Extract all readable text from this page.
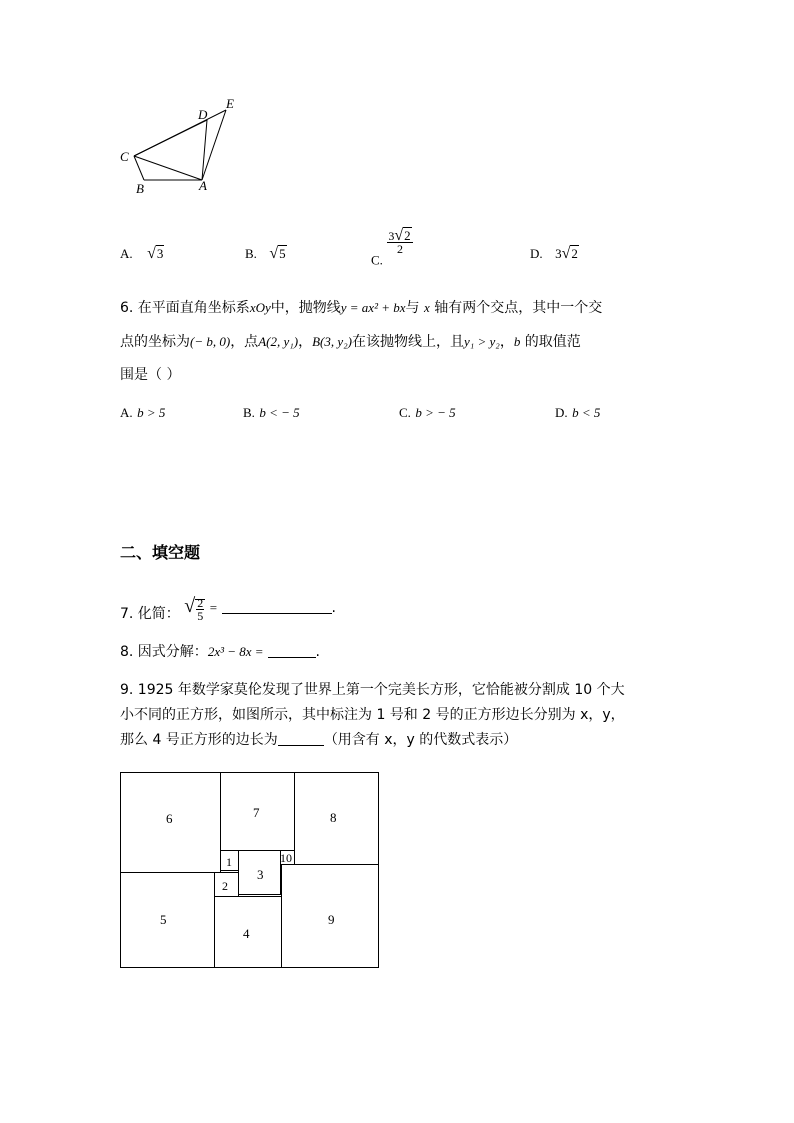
C
B	A
D
E
A. √3	B. √5	C.
$\frac{3√2}{2}$	D. 3√2
6. 在平面直角坐标系xOy中，抛物线y = ax² + bx与 x 轴有两个交点，其中一个交
点的坐标为(− b, 0)，点A(2, y₁)，B(3, y₂)在该抛物线上，且y₁ > y₂，b 的取值范
围是（ ）
A. b > 5	B. b < − 5	C. b > − 5	D. b < 5
二、填空题
7. 化简： √ $\frac{2}{5}$ =	.
8. 因式分解：2x³ − 8x =	.
9. 1925 年数学家莫伦发现了世界上第一个完美长方形，它恰能被分割成 10 个大
小不同的正方形，如图所示，其中标注为 1 号和 2 号的正方形边长分别为 x，y，
那么 4 号正方形的边长为	（用含有 x，y 的代数式表示）
6	7	8
1
3
10
2
5
4
9
